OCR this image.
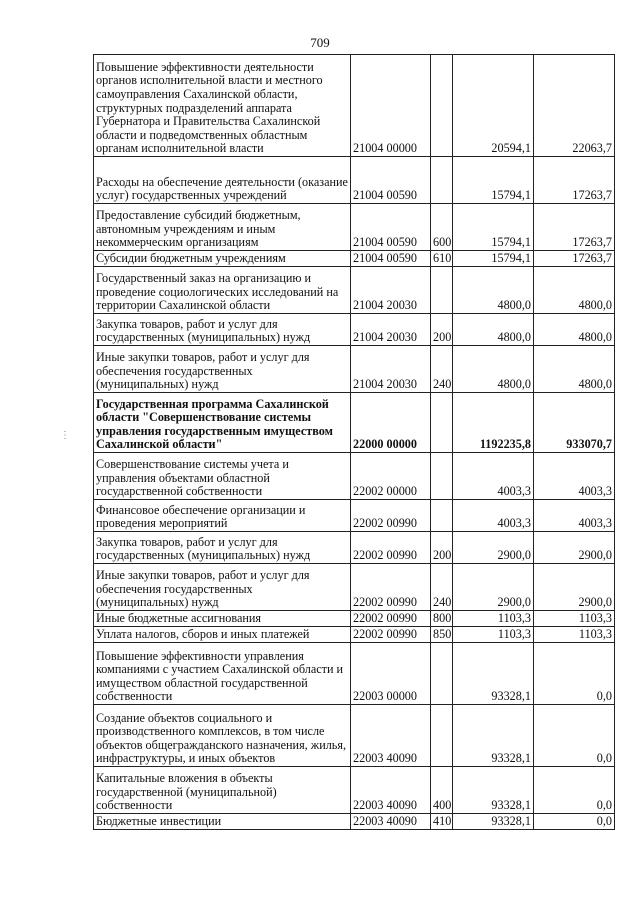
709
⋮
Повышение эффективности деятельности органов исполнительной власти и местного самоуправления Сахалинской области, структурных подразделений аппарата Губернатора и Правительства Сахалинской области и подведомственных областным органам исполнительной власти	21004 00000		20594,1	22063,7
Расходы на обеспечение деятельности (оказание услуг) государственных учреждений	21004 00590		15794,1	17263,7
Предоставление субсидий бюджетным, автономным учреждениям и иным некоммерческим организациям	21004 00590	600	15794,1	17263,7
Субсидии бюджетным учреждениям	21004 00590	610	15794,1	17263,7
Государственный заказ на организацию и проведение социологических исследований на территории Сахалинской области	21004 20030		4800,0	4800,0
Закупка товаров, работ и услуг для государственных (муниципальных) нужд	21004 20030	200	4800,0	4800,0
Иные закупки товаров, работ и услуг для обеспечения государственных (муниципальных) нужд	21004 20030	240	4800,0	4800,0
Государственная программа Сахалинской области "Совершенствование системы управления государственным имуществом Сахалинской области"	22000 00000		1192235,8	933070,7
Совершенствование системы учета и управления объектами областной государственной собственности	22002 00000		4003,3	4003,3
Финансовое обеспечение организации и проведения мероприятий	22002 00990		4003,3	4003,3
Закупка товаров, работ и услуг для государственных (муниципальных) нужд	22002 00990	200	2900,0	2900,0
Иные закупки товаров, работ и услуг для обеспечения государственных (муниципальных) нужд	22002 00990	240	2900,0	2900,0
Иные бюджетные ассигнования	22002 00990	800	1103,3	1103,3
Уплата налогов, сборов и иных платежей	22002 00990	850	1103,3	1103,3
Повышение эффективности управления компаниями с участием Сахалинской области и имуществом областной государственной собственности	22003 00000		93328,1	0,0
Создание объектов социального и производственного комплексов, в том числе объектов общегражданского назначения, жилья, инфраструктуры, и иных объектов	22003 40090		93328,1	0,0
Капитальные вложения в объекты государственной (муниципальной) собственности	22003 40090	400	93328,1	0,0
Бюджетные инвестиции	22003 40090	410	93328,1	0,0
